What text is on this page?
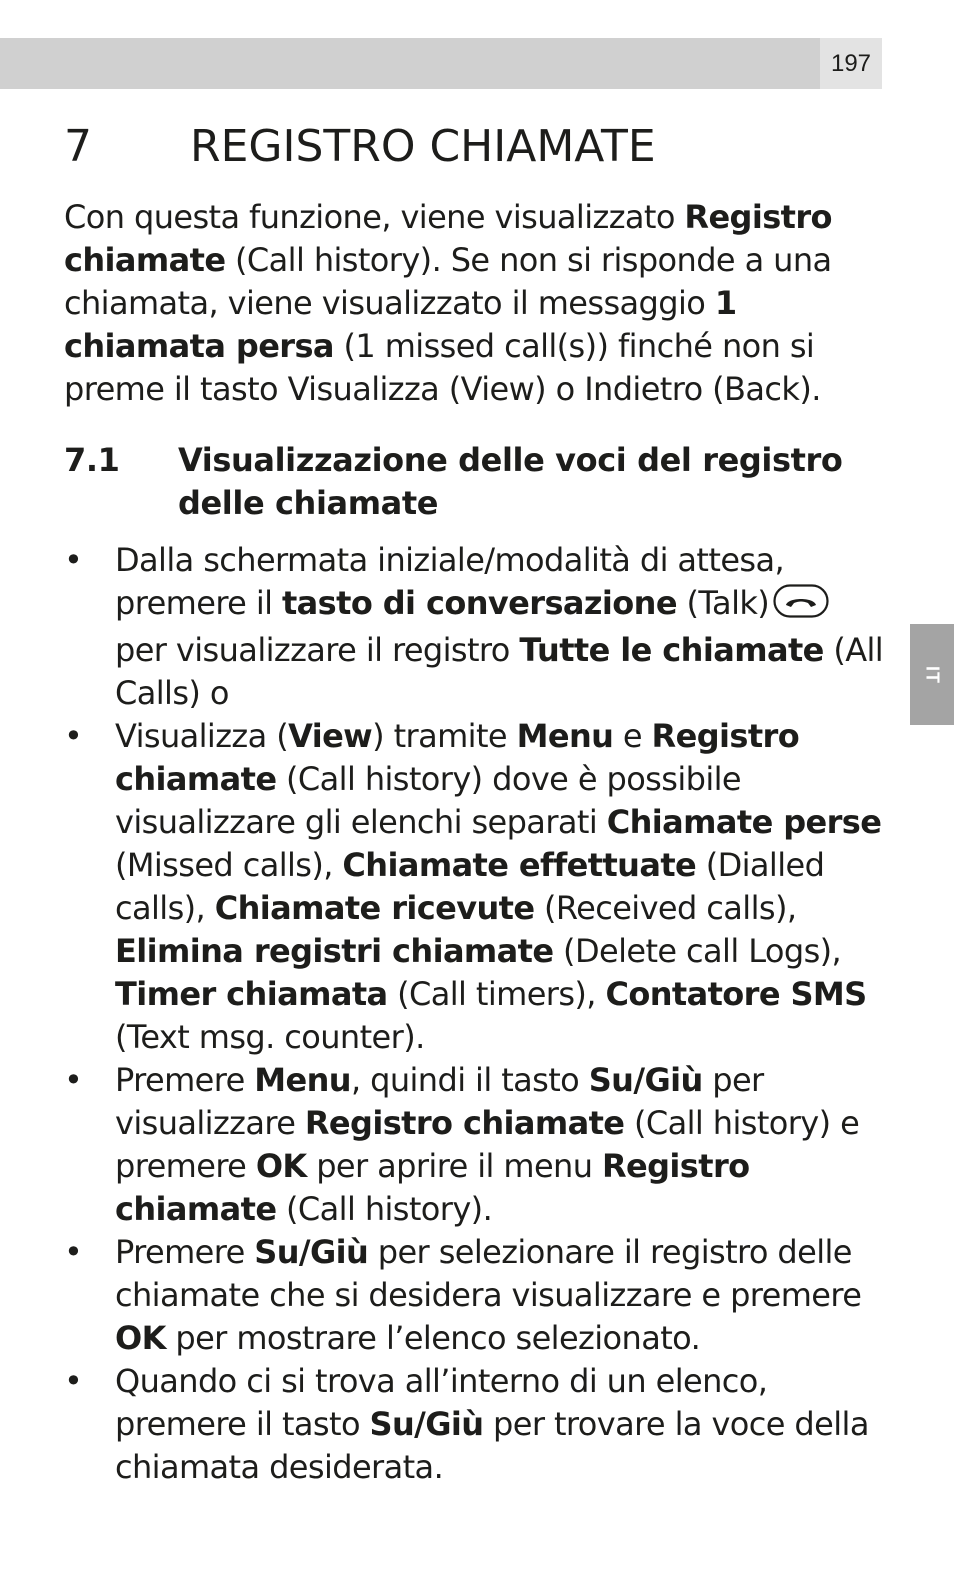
197
IT
7	REGISTRO CHIAMATE

Con questa funzione, viene visualizzato Registro chiamate (Call history). Se non si risponde a una chiamata, viene visualizzato il messaggio 1 chiamata persa (1 missed call(s)) finché non si preme il tasto Visualizza (View) o Indietro (Back).

7.1	Visualizzazione delle voci del registro delle chiamate
• Dalla schermata iniziale/modalità di attesa, premere il tasto di conversazione (Talk) per visualizzare il registro Tutte le chiamate (All Calls) o
• Visualizza (View) tramite Menu e Registro chiamate (Call history) dove è possibile visualizzare gli elenchi separati Chiamate perse (Missed calls), Chiamate effettuate (Dialled calls), Chiamate ricevute (Received calls), Elimina registri chiamate (Delete call Logs), Timer chiamata (Call timers), Contatore SMS (Text msg. counter).
• Premere Menu, quindi il tasto Su/Giù per visualizzare Registro chiamate (Call history) e premere OK per aprire il menu Registro chiamate (Call history).
• Premere Su/Giù per selezionare il registro delle chiamate che si desidera visualizzare e premere OK per mostrare l’elenco selezionato.
• Quando ci si trova all’interno di un elenco, premere il tasto Su/Giù per trovare la voce della chiamata desiderata.
